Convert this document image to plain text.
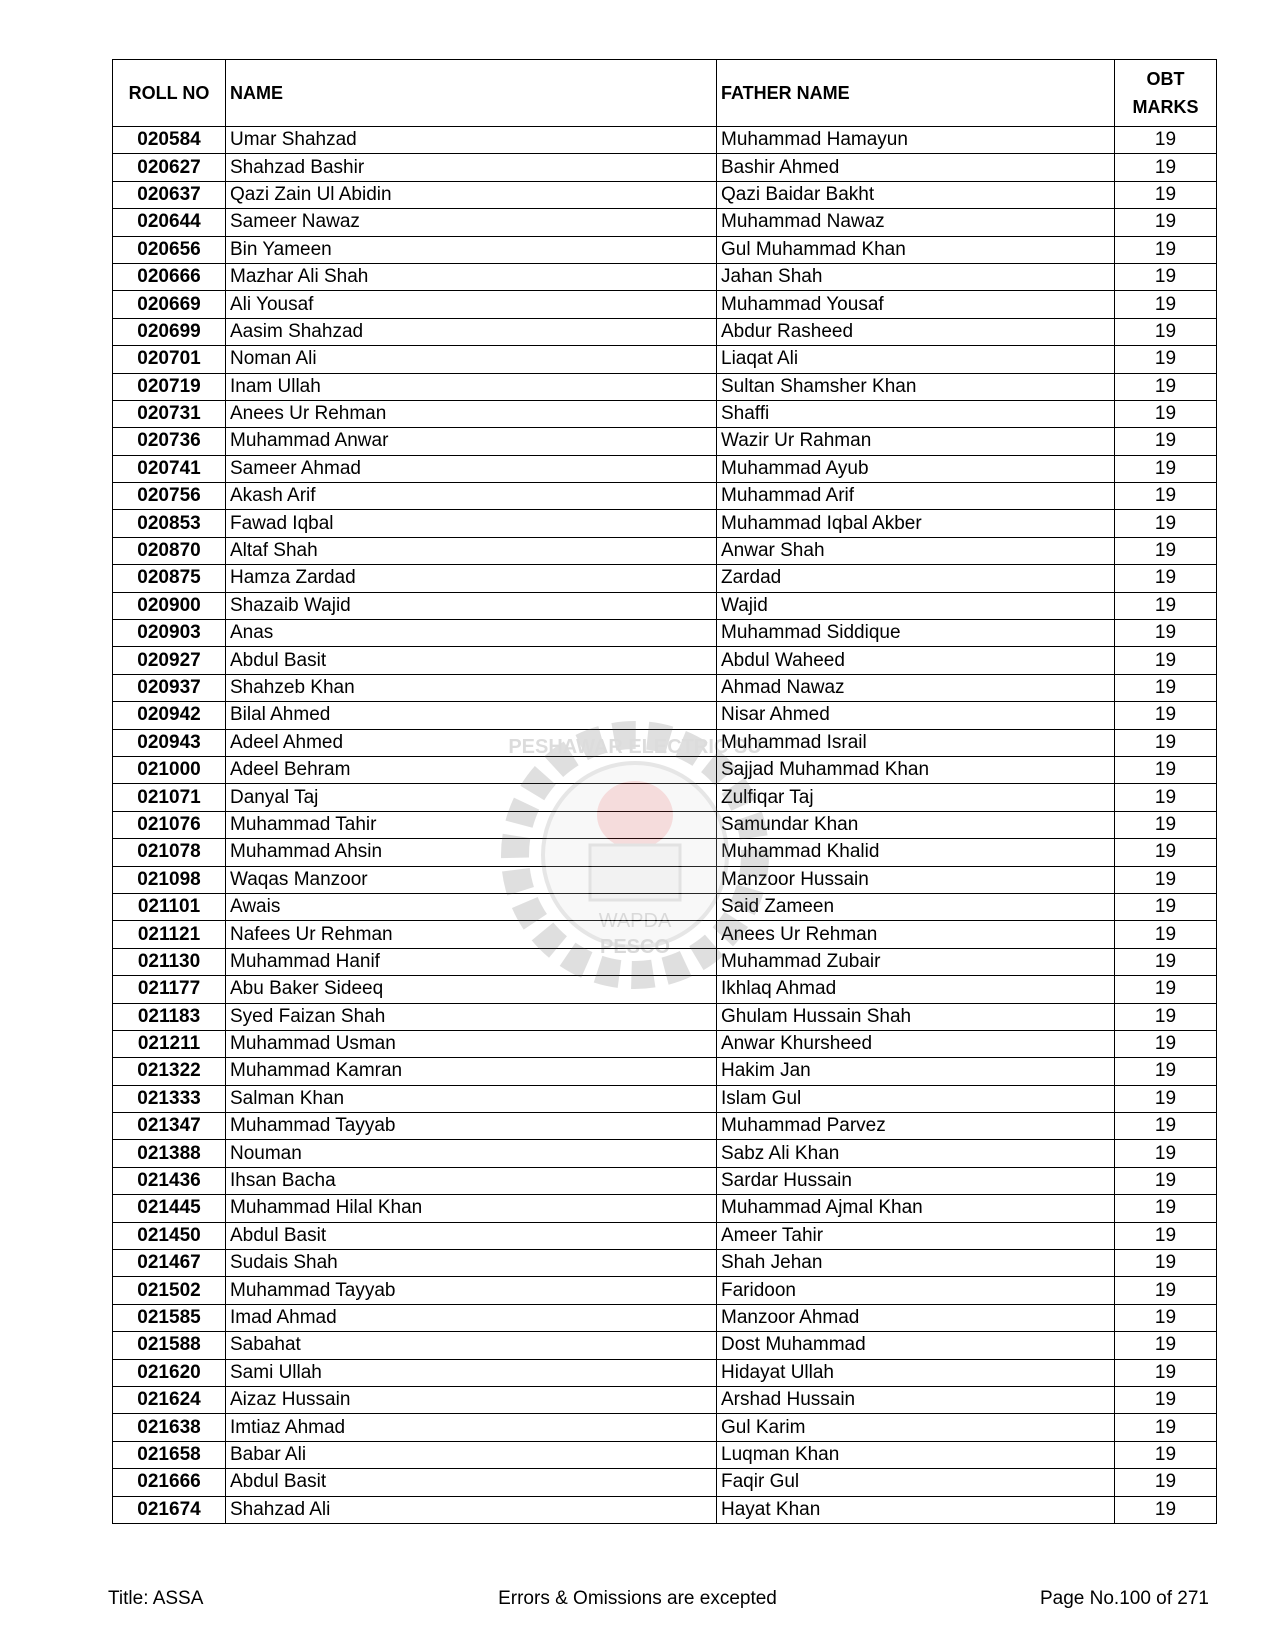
ROLL NO	NAME	FATHER NAME	OBT
MARKS

020584	Umar Shahzad	Muhammad Hamayun	19
020627	Shahzad Bashir	Bashir Ahmed	19
020637	Qazi Zain Ul Abidin	Qazi Baidar Bakht	19
020644	Sameer Nawaz	Muhammad Nawaz	19
020656	Bin Yameen	Gul Muhammad Khan	19
020666	Mazhar Ali Shah	Jahan Shah	19
020669	Ali Yousaf	Muhammad Yousaf	19
020699	Aasim Shahzad	Abdur Rasheed	19
020701	Noman Ali	Liaqat Ali	19
020719	Inam Ullah	Sultan Shamsher Khan	19
020731	Anees Ur Rehman	Shaffi	19
020736	Muhammad Anwar	Wazir Ur Rahman	19
020741	Sameer Ahmad	Muhammad Ayub	19
020756	Akash Arif	Muhammad Arif	19
020853	Fawad Iqbal	Muhammad Iqbal Akber	19
020870	Altaf Shah	Anwar Shah	19
020875	Hamza Zardad	Zardad	19
020900	Shazaib Wajid	Wajid	19
020903	Anas	Muhammad Siddique	19
020927	Abdul Basit	Abdul Waheed	19
020937	Shahzeb Khan	Ahmad Nawaz	19
020942	Bilal Ahmed	Nisar Ahmed	19
020943	Adeel Ahmed	Muhammad Israil	19
021000	Adeel Behram	Sajjad Muhammad Khan	19
021071	Danyal Taj	Zulfiqar Taj	19
021076	Muhammad Tahir	Samundar Khan	19
021078	Muhammad Ahsin	Muhammad Khalid	19
021098	Waqas Manzoor	Manzoor Hussain	19
021101	Awais	Said Zameen	19
021121	Nafees Ur Rehman	Anees Ur Rehman	19
021130	Muhammad Hanif	Muhammad Zubair	19
021177	Abu Baker Sideeq	Ikhlaq Ahmad	19
021183	Syed Faizan Shah	Ghulam Hussain Shah	19
021211	Muhammad Usman	Anwar Khursheed	19
021322	Muhammad Kamran	Hakim Jan	19
021333	Salman Khan	Islam Gul	19
021347	Muhammad Tayyab	Muhammad Parvez	19
021388	Nouman	Sabz Ali Khan	19
021436	Ihsan Bacha	Sardar Hussain	19
021445	Muhammad Hilal Khan	Muhammad Ajmal Khan	19
021450	Abdul Basit	Ameer Tahir	19
021467	Sudais Shah	Shah Jehan	19
021502	Muhammad Tayyab	Faridoon	19
021585	Imad Ahmad	Manzoor Ahmad	19
021588	Sabahat	Dost Muhammad	19
021620	Sami Ullah	Hidayat Ullah	19
021624	Aizaz Hussain	Arshad Hussain	19
021638	Imtiaz Ahmad	Gul Karim	19
021658	Babar Ali	Luqman Khan	19
021666	Abdul Basit	Faqir Gul	19
021674	Shahzad Ali	Hayat Khan	19
PESHAWAR ELECTRIC SU
WAPDA
PESCO
Title: ASSA	Errors & Omissions are excepted	Page No.100 of 271
